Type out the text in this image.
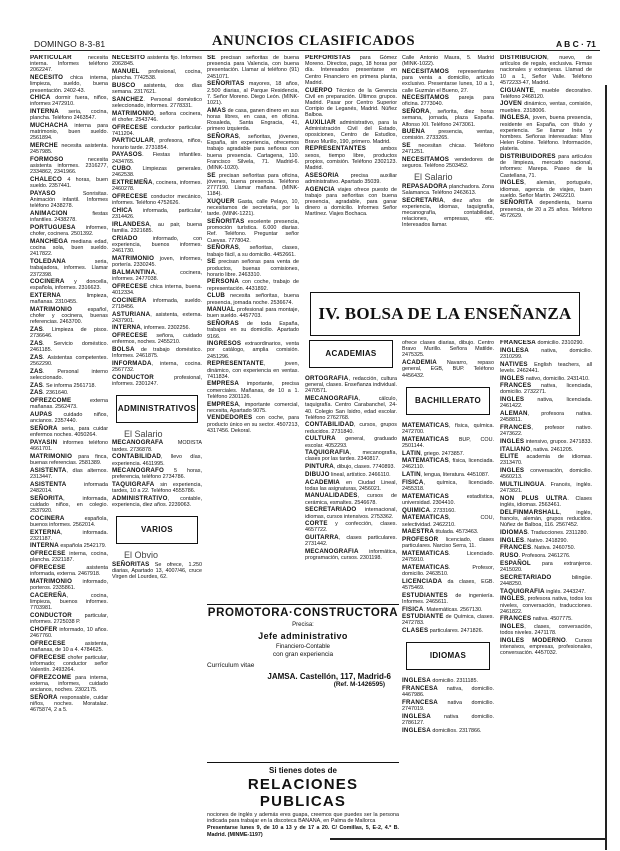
DOMINGO 8-3-81	ANUNCIOS CLASIFICADOS	A B C · 71
PARTICULAR necesita interna. Informes teléfono 2062247.
NECESITO chica interna, limpieza, sueldo, buena presentación. 2402-43.
CHICA dormir fuera, niños, informes 2472910.
INTERNA seria, cocina, plancha. Teléfono 2463547.
MUCHACHA interna para matrimonio, buen sueldo. 2561894.
MERCHE necesita asistenta. 2457985.
FORMOSO necesita asistenta informes. 2316277, 2334862, 2341966.
CHALECO 4 horas, buen sueldo. 2357441.
PAYASO Sonrisitas. Animación infantil. Informes teléfono 2438278.
ANIMACION fiestas infantiles. 2438278.
PORTUGUESA informes, chofer, cocinera. 2501392.
MANCHEGA mediana edad, cocina sola, buen sueldo. 2417822.
TOLEDANA seria, trabajadora, informes. Llamar 2372398.
COCINERA y doncella, española, informes. 2316623.
EXTERNA limpieza, mañanas. 2310455.
MATRIMONIO español, chofer y cocinera, buenas referencias. 2463700.
ZAS. Limpieza de pisos. 2736646.
ZAS. Servicio doméstico. 2461185.
ZAS. Asistentas competentes. 2562290.
ZAS. Personal interno seleccionado.
ZAS. Se informa 2561718.
ZAS. 2361640.
OFREZCOME externa mañanas. 2562473.
AUPAS cuidado niños, ancianos. 2357440.
SEÑORA seria, para cuidar enfermos noches. 4050264.
PAYASIN informes teléfono 4661701.
MATRIMONIO para finca, buenas referencias. 2581389.
ASISTENTA, días alternos. 2313447.
ASISTENTA informada 2482014.
SEÑORITA, informada, cuidado niños, en colegio. 2537920.
COCINERA española, buenos informes. 2562014.
EXTERNA, informada. 2321187.
INTERNA española 2542179.
OFRECESE interna, cocina, plancha. 2321187.
OFRECESE asistenta informada, externa. 2467918.
MATRIMONIO informado, porteros. 2335861.
CACEREÑA, cocina, limpieza, buenos informes. 7703981.
CONDUCTOR particular, informes. 2725038 P.
CHOFER informado, 10 años. 2467760.
OFRECESE asistenta, mañanas, de 10 a 4. 4784625.
OFRECESE chofer particular, informado; conductor señor Valentín. 2493264.
OFREZCOME para interna, externa, informes, cuidado ancianos, noches. 2302175.
SEÑORA responsable, cuidar niños, noches. Moratalaz. 4675874, 2 a 5.
NECESITO asistenta fijo. Informes 2062845.
MANUEL profesional, cocina, plancha. 7742538.
BUSCO asistenta, dos días semana. 2317621.
SANCHEZ. Personal doméstico seleccionado, informes. 2778331.
MATRIMONIO, señora cocinera, él chofer. 2543746.
OFRECESE conductor particular. 7411204.
PARTICULAR, profesora, niños, horario tarde. 2731854.
PAYASOS. Fiestas infantiles. 2434765.
CUBO. Limpiezas generales. 2462538.
EXTREMEÑA, cocinera, informes. 2460278.
OFRECESE conductor mecánico, informes. Teléfono 4752626.
CHICA informada, particular, 2314426.
IRLANDESA, au pair, buena familia. 2321685.
CRIADO informado, con experiencia, buenos informes. 2461730.
MATRIMONIO joven, informes, portería. 2330245.
BALMANTINA, cocinera, informes. 2477038.
OFRECESE chica interna, buena. 4012334.
COCINERA informada, sueldo. 2718456.
ASTURIANA, asistenta, externa. 2437901.
INTERNA, informes. 2302256.
OFRECESE señora, cuidado enfermos, noches. 2455210.
BOLSA de trabajo doméstico. Informes. 2461875.
INFORMADA, interna, cocina. 2567732.
CONDUCTOR profesional, informes. 2301247.
ADMINISTRATIVOS
El Salario
MECANOGRAFA MODISTA tardes. 2736878.
CONTABILIDAD, llevo días, experiencia. 4611995.
MECANOGRAFO 5 horas, preferencia, teléfono 2734786.
TAQUIGRAFA sin experiencia, tardes, 10 a 22. Teléfono 4555786.
ADMINISTRATIVO, contable, experiencia, diez años. 2239063.
VARIOS
El Obvio
SEÑORITAS Se ofrece, 1.250 diarias, Apartado 13, 4007/46, cruce Virgen del Lourdes, 62.
SE precisan señoritas de buena presencia para Valencia, con buena presentación. Llamar al teléfono (91) 2451071.
SEÑORITAS mayores, 18 años, 2.500 diarias, al Parque Residencia, 7. Señor Moreno. Diego León. (MINK-1021).
AMAS de casa, ganen dinero en sus horas libres, en casa, en oficina. Rosaleda, Santa Engracia, 41, primero izquierda.
SEÑORAS, señoritas, jóvenes, España, sin experiencia, ofrecemos trabajo agradable para señoras con buena presencia. Cartagena, 110. Francisco Silvela, 71. Madrid-6. (MINK-1020).
SE precisan señoritas para oficina, jóvenes, buena presencia. Teléfono 2777190. Llamar mañana. (MINK-1184).
XUQUER Gasta, calle Pelayo, 10, necesitamos de secretaria, por la tarde. (MINK-1221).
SEÑORITAS excelente presencia, promoción turística. 6.000 diarias. Ref. Teléfono. Preguntar señor Cuevas. 7778042.
SEÑORAS, señoritas, clases, trabajo fácil, a su domicilio. 4452661.
SE precisan señoras para venta de productos, buenas comisiones, horario libre. 2463310.
PERSONA con coche, trabajo de representación. 4431892.
CLUB necesita señoritas, buena presencia, jornada noche. 2536674.
MANUAL profesional para montaje, buen sueldo. 4457703.
SEÑORAS de toda España, trabajos en su domicilio. Apartado 9166.
INGRESOS extraordinarios, venta por catálogo, amplia comisión. 2451296.
REPRESENTANTE, joven, dinámico, con experiencia en ventas. 7411834.
EMPRESA importante, precisa comerciales. Mañanas, de 10 a 1. Teléfono 2301126.
EMPRESA, importante comercial, necesita, Apartado 9075.
VENDEDORES con coche, para producto único en su sector. 4507213, 4317456. Dekoral.
PERFORISTAS para Gómez Moreno. Directos, pago, 18 horas por día. Interesados presentarse en Centro Financiero en primera planta, Madrid.
CUERPO Técnico de la Gerencia Civil en preparación. Últimos grupos. Madrid. Pasar por Centro Superior Corripio de Leganés, Madrid. Núñez Balboa.
AUXILIAR administrativo, para la Administración Civil del Estado, oposiciones, Centro de Estudios, Bravo Murillo, 190, primero. Madrid.
REPRESENTANTES ambos sexos, tiempo libre, productos propios, comisión. Teléfono 2302123. Madrid.
ASESORIA precisa auxiliar administrativo. Apartado 35039.
AGENCIA viajes ofrece puesto de trabajo para señoritas con buena presencia, agradable, para ganar dinero a domicilio. Informes Señor Martínez. Viajes Bochaca.
Calle Antonio Maura, 5. Madrid (MINK-1022).
NECESITAMOS representantes para venta a domicilio, artículo exclusivo. Presentarse lunes, 10 a 1, calle Guzmán el Bueno, 27.
NECESITAMOS pareja para oficina. 2773040.
SEÑORA, señorita, diez horas semana, jornada, plaza España. Alfonso XII. Teléfono 2473061.
BUENA presencia, ventas, comisión. 2733265.
SE necesitan chicas. Teléfono 2471251.
NECESITAMOS vendedores de seguros. Teléfono 2503452.
El Salario
REPASADORA planchadora. Zona Salamanca. Teléfono 2463613.
SECRETARIA, diez años de experiencia, idiomas, taquigrafía, mecanografía, contabilidad, relaciones, empresas, etc. Interesados llamar.
DISTRIBUCION, nuevo, de artículos de regalo, exclusiva. Firmas nacionales y extranjeras. Llamad de 10 a 1, Señor Valle. Teléfono 4572233-47, Madrid.
CIGUANTE, mueble decorativo. Teléfono 2468120.
JOVEN dinámico, ventas, comisión, muebles. 2318006.
INGLESA, joven, buena presencia, residente en España, con título y experiencia. Se llamar Inés y hombres. Señoras interesadas: Miss Helen Fobine. Teléfono. Información, plateria.
DISTRIBUIDORES para artículos de limpieza, mercado nacional, informes: Marepa. Paseo de la Castellana, 71.
INGLES, alemán, portugués, idiomas, agencia de viajes, buen sueldo. Señor Martín. 2462210.
SEÑORITA dependienta, buena presencia, de 20 a 25 años. Teléfono 4572629.
IV. BOLSA DE LA ENSEÑANZA
ACADEMIAS
ORTOGRAFIA, redacción, cultura general, clases. Enseñanza individual. 2470571.
MECANOGRAFIA, cálculo, taquigrafía. Centro Carabanchel, 24-40. Colegio San Isidro, edad escolar. Teléfono 2762768.
CONTABILIDAD, cursos, grupos reducidos. 2731840.
CULTURA general, graduado escolar. 4052293.
TAQUIGRAFIA, mecanografía, clases por las tardes. 2340817.
PINTURA, dibujo, clases. 7740893.
DIBUJO lineal, artístico. 2466110.
ACADEMIA en Ciudad Lineal, todas las asignaturas, 2456021.
MANUALIDADES, cursos de cerámica, esmaltes. 2546678.
SECRETARIADO internacional, idiomas, cursos intensivos. 2753362.
CORTE y confección, clases. 4657722.
GUITARRA, clases particulares. 2731442.
MECANOGRAFIA informática, programación, cursos. 2301198.
ofrece clases diarias, dibujo. Centro Bravo Murillo. Señora Matilde. 2475325.
ACADEMIA Navarro, repaso general, EGB, BUP. Teléfono 4456432.
BACHILLERATO
MATEMATICAS, física, química. 2472700.
MATEMATICAS BUP, COU. 2501144.
LATIN, griego. 2473857.
MATEMATICAS, física, licenciada. 2462110.
LATIN, lengua, literatura. 4451087.
FISICA, química, licenciado. 2455318.
MATEMATICAS estadística, universidad. 2304410.
QUIMICA. 2733160.
MATEMATICAS, COU, selectividad. 2462210.
MAESTRA titulada. 4573463.
PROFESOR licenciado, clases particulares. Narciso Serra, 11.
MATEMATICAS. Licenciado. 2475910.
MATEMATICAS. Profesor, domicilio. 2463510.
LICENCIADA da clases, EGB. 4575469.
ESTUDIANTES de ingeniería. Informes. 2465611.
FISICA. Matemáticas. 2567130.
ESTUDIANTE de Química, clases. 2472783.
CLASES particulares. 2471826.
IDIOMAS
INGLESA domicilio. 2311185.
FRANCESA nativa, domicilio. 4467986.
FRANCESA nativa domicilio. 2747019.
INGLESA nativa domicilio. 2786127.
INGLESA domicilios. 2317866.
FRANCESA domicilio. 2310290.
INGLESA nativa, domicilio. 2310299.
NATIVES English teachers, all levels. 2462441.
INGLES nativo, domicilio. 2431410.
FRANCES nativa, licenciada, domicilio. 2732271.
INGLES nativa, licenciada. 2461422.
ALEMAN, profesora nativa. 2458811.
FRANCES, profesor nativo. 2473622.
INGLES intensivo, grupos. 2471833.
ITALIANO, nativa. 2461205.
ELITE academia de idiomas. 2313470.
INGLES conversación, domicilio. 4560213.
MULTILINGUA. Francés, inglés. 2473821.
NON PLUS ULTRA. Clases inglés, idiomas. 2563461.
DELFINMARSHALL, inglés, francés, alemán, grupos reducidos. Núñez de Balboa, 116. 2567452.
IDIOMAS. Traducciones. 2311280.
INGLES. Nativo. 2418290.
FRANCES. Nativa. 2460750.
RUSO. Profesora. 2461276.
ESPAÑOL para extranjeros. 2415020.
SECRETARIADO bilingüe. 2448250.
TAQUIGRAFIA inglés. 2443247.
INGLES, profesora nativa, todos los niveles, conversación, traducciones. 2461822.
FRANCES nativa. 4507775.
INGLES, clases, conversación, todos niveles. 2471178.
INGLES MODERNO. Cursos intensivos, empresas, profesionales, conversación. 4457032.
PROMOTORA·CONSTRUCTORA
Precisa:
Jefe administrativo
Financiero-Contable
con gran experiencia
Currículum vitae
JAMSA. Castellón, 117, Madrid-6
(Ref. M-1426595)
Si tienes dotes de
RELACIONES PUBLICAS
nociones de inglés y además eres guapa, creemos que puedes ser la persona indicada para trabajar en la discoteca BANANA, en Palma de Mallorca
Presentarse lunes 9, de 10 a 13 y de 17 a 20. C/ Comillas, 5, E-2, 4.º B. Madrid. (MINME-1197)
